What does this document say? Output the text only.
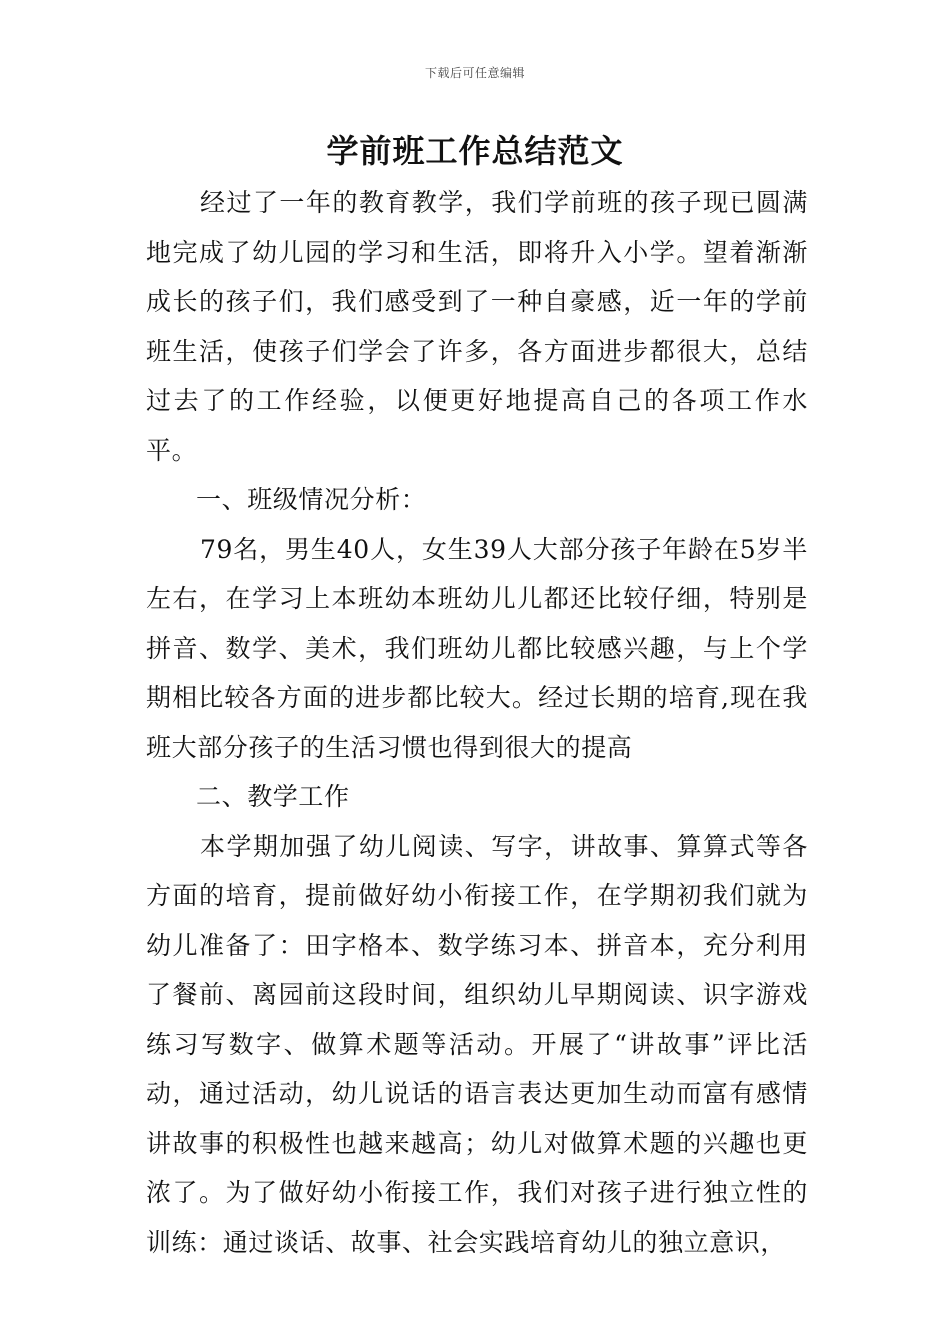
下载后可任意编辑
学前班工作总结范文

经过了一年的教育教学，我们学前班的孩子现已圆满地完成了幼儿园的学习和生活，即将升入小学。望着渐渐成长的孩子们，我们感受到了一种自豪感，近一年的学前班生活，使孩子们学会了许多，各方面进步都很大，总结过去了的工作经验，以便更好地提高自己的各项工作水平。

一、班级情况分析：

79名，男生40人，女生39人大部分孩子年龄在5岁半左右，在学习上本班幼本班幼儿儿都还比较仔细，特别是拼音、数学、美术，我们班幼儿都比较感兴趣，与上个学期相比较各方面的进步都比较大。经过长期的培育,现在我班大部分孩子的生活习惯也得到很大的提高

二、教学工作

本学期加强了幼儿阅读、写字，讲故事、算算式等各方面的培育，提前做好幼小衔接工作，在学期初我们就为幼儿准备了：田字格本、数学练习本、拼音本，充分利用了餐前、离园前这段时间，组织幼儿早期阅读、识字游戏练习写数字、做算术题等活动。开展了“讲故事”评比活动，通过活动，幼儿说话的语言表达更加生动而富有感情讲故事的积极性也越来越高；幼儿对做算术题的兴趣也更浓了。为了做好幼小衔接工作，我们对孩子进行独立性的训练：通过谈话、故事、社会实践培育幼儿的独立意识，
